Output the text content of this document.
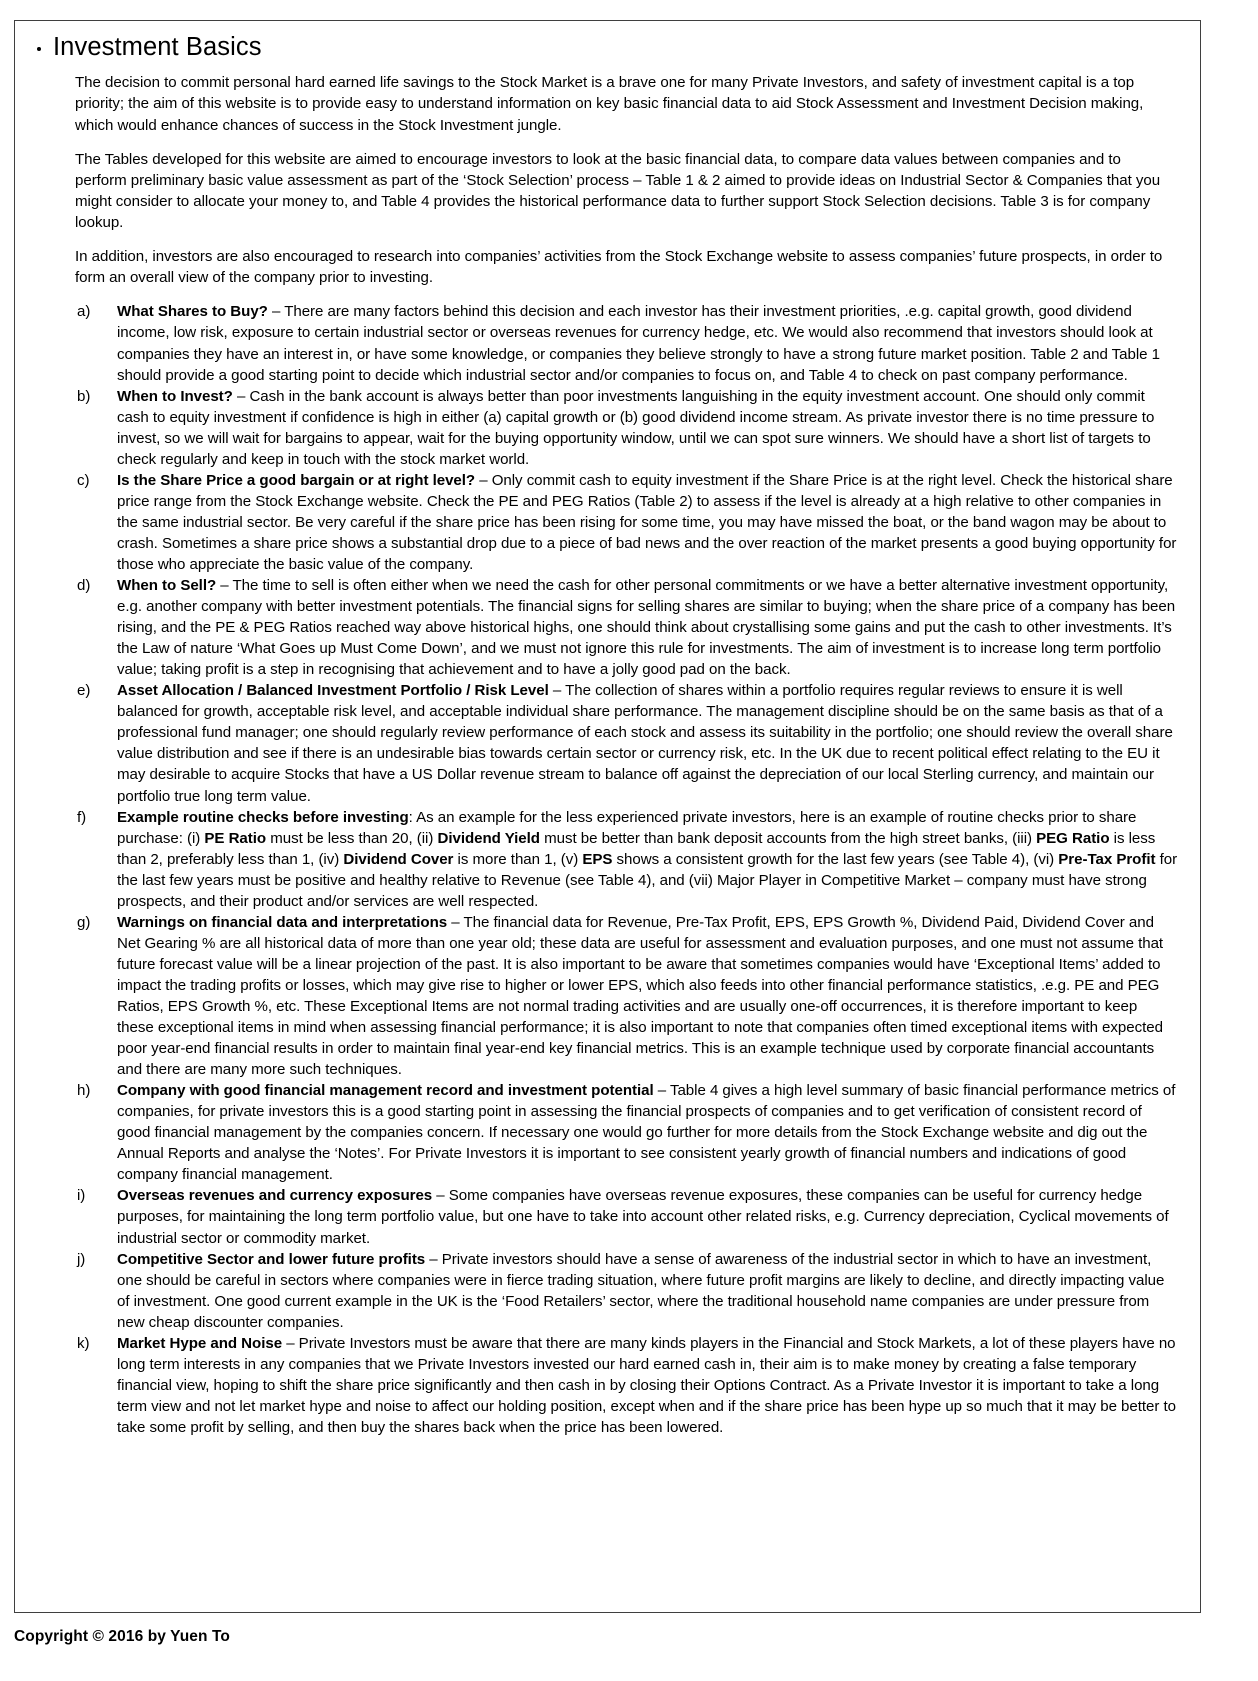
Investment Basics

The decision to commit personal hard earned life savings to the Stock Market is a brave one for many Private Investors, and safety of investment capital is a top priority; the aim of this website is to provide easy to understand information on key basic financial data to aid Stock Assessment and Investment Decision making, which would enhance chances of success in the Stock Investment jungle.

The Tables developed for this website are aimed to encourage investors to look at the basic financial data, to compare data values between companies and to perform preliminary basic value assessment as part of the ‘Stock Selection’ process – Table 1 & 2 aimed to provide ideas on Industrial Sector & Companies that you might consider to allocate your money to, and Table 4 provides the historical performance data to further support Stock Selection decisions. Table 3 is for company lookup.

In addition, investors are also encouraged to research into companies’ activities from the Stock Exchange website to assess companies’ future prospects, in order to form an overall view of the company prior to investing.

a)	What Shares to Buy? – There are many factors behind this decision and each investor has their investment priorities, .e.g. capital growth, good dividend income, low risk, exposure to certain industrial sector or overseas revenues for currency hedge, etc. We would also recommend that investors should look at companies they have an interest in, or have some knowledge, or companies they believe strongly to have a strong future market position. Table 2 and Table 1 should provide a good starting point to decide which industrial sector and/or companies to focus on, and Table 4 to check on past company performance.
b)	When to Invest? – Cash in the bank account is always better than poor investments languishing in the equity investment account. One should only commit cash to equity investment if confidence is high in either (a) capital growth or (b) good dividend income stream. As private investor there is no time pressure to invest, so we will wait for bargains to appear, wait for the buying opportunity window, until we can spot sure winners. We should have a short list of targets to check regularly and keep in touch with the stock market world.
c)	Is the Share Price a good bargain or at right level? – Only commit cash to equity investment if the Share Price is at the right level. Check the historical share price range from the Stock Exchange website. Check the PE and PEG Ratios (Table 2) to assess if the level is already at a high relative to other companies in the same industrial sector. Be very careful if the share price has been rising for some time, you may have missed the boat, or the band wagon may be about to crash. Sometimes a share price shows a substantial drop due to a piece of bad news and the over reaction of the market presents a good buying opportunity for those who appreciate the basic value of the company.
d)	When to Sell? – The time to sell is often either when we need the cash for other personal commitments or we have a better alternative investment opportunity, e.g. another company with better investment potentials. The financial signs for selling shares are similar to buying; when the share price of a company has been rising, and the PE & PEG Ratios reached way above historical highs, one should think about crystallising some gains and put the cash to other investments. It’s the Law of nature ‘What Goes up Must Come Down’, and we must not ignore this rule for investments. The aim of investment is to increase long term portfolio value; taking profit is a step in recognising that achievement and to have a jolly good pad on the back.
e)	Asset Allocation / Balanced Investment Portfolio / Risk Level – The collection of shares within a portfolio requires regular reviews to ensure it is well balanced for growth, acceptable risk level, and acceptable individual share performance. The management discipline should be on the same basis as that of a professional fund manager; one should regularly review performance of each stock and assess its suitability in the portfolio; one should review the overall share value distribution and see if there is an undesirable bias towards certain sector or currency risk, etc. In the UK due to recent political effect relating to the EU it may desirable to acquire Stocks that have a US Dollar revenue stream to balance off against the depreciation of our local Sterling currency, and maintain our portfolio true long term value.
f)	Example routine checks before investing: As an example for the less experienced private investors, here is an example of routine checks prior to share purchase: (i) PE Ratio must be less than 20, (ii) Dividend Yield must be better than bank deposit accounts from the high street banks, (iii) PEG Ratio is less than 2, preferably less than 1, (iv) Dividend Cover is more than 1, (v) EPS shows a consistent growth for the last few years (see Table 4), (vi) Pre-Tax Profit for the last few years must be positive and healthy relative to Revenue (see Table 4), and (vii) Major Player in Competitive Market – company must have strong prospects, and their product and/or services are well respected.
g)	Warnings on financial data and interpretations – The financial data for Revenue, Pre-Tax Profit, EPS, EPS Growth %, Dividend Paid, Dividend Cover and Net Gearing % are all historical data of more than one year old; these data are useful for assessment and evaluation purposes, and one must not assume that future forecast value will be a linear projection of the past. It is also important to be aware that sometimes companies would have ‘Exceptional Items’ added to impact the trading profits or losses, which may give rise to higher or lower EPS, which also feeds into other financial performance statistics, .e.g. PE and PEG Ratios, EPS Growth %, etc. These Exceptional Items are not normal trading activities and are usually one-off occurrences, it is therefore important to keep these exceptional items in mind when assessing financial performance; it is also important to note that companies often timed exceptional items with expected poor year-end financial results in order to maintain final year-end key financial metrics. This is an example technique used by corporate financial accountants and there are many more such techniques.
h)	Company with good financial management record and investment potential – Table 4 gives a high level summary of basic financial performance metrics of companies, for private investors this is a good starting point in assessing the financial prospects of companies and to get verification of consistent record of good financial management by the companies concern. If necessary one would go further for more details from the Stock Exchange website and dig out the Annual Reports and analyse the ‘Notes’. For Private Investors it is important to see consistent yearly growth of financial numbers and indications of good company financial management.
i)	Overseas revenues and currency exposures – Some companies have overseas revenue exposures, these companies can be useful for currency hedge purposes, for maintaining the long term portfolio value, but one have to take into account other related risks, e.g. Currency depreciation, Cyclical movements of industrial sector or commodity market.
j)	Competitive Sector and lower future profits – Private investors should have a sense of awareness of the industrial sector in which to have an investment, one should be careful in sectors where companies were in fierce trading situation, where future profit margins are likely to decline, and directly impacting value of investment. One good current example in the UK is the ‘Food Retailers’ sector, where the traditional household name companies are under pressure from new cheap discounter companies.
k)	Market Hype and Noise – Private Investors must be aware that there are many kinds players in the Financial and Stock Markets, a lot of these players have no long term interests in any companies that we Private Investors invested our hard earned cash in, their aim is to make money by creating a false temporary financial view, hoping to shift the share price significantly and then cash in by closing their Options Contract. As a Private Investor it is important to take a long term view and not let market hype and noise to affect our holding position, except when and if the share price has been hype up so much that it may be better to take some profit by selling, and then buy the shares back when the price has been lowered.
Copyright © 2016 by Yuen To
